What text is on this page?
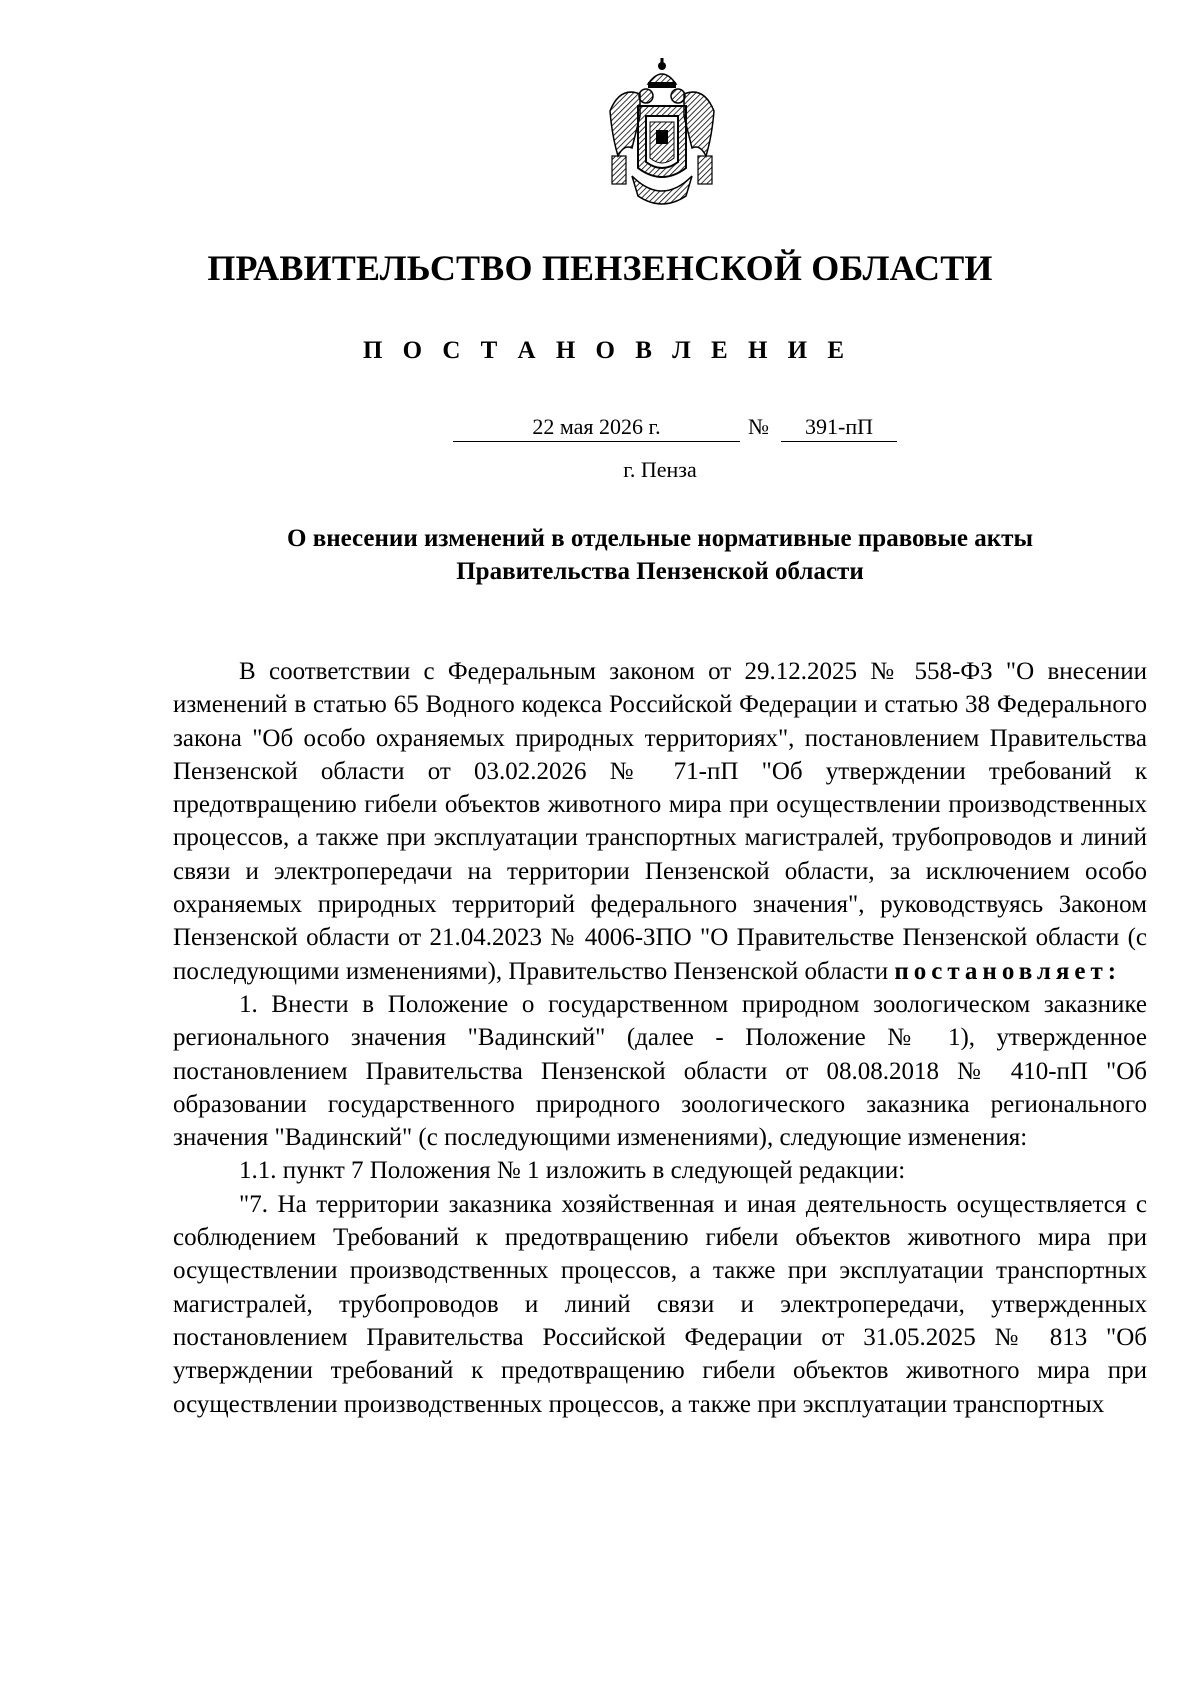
ПРАВИТЕЛЬСТВО ПЕНЗЕНСКОЙ ОБЛАСТИ
П О С Т А Н О В Л Е Н И Е
22 мая 2026 г.	№	391-пП
г. Пенза
О внесении изменений в отдельные нормативные правовые акты
Правительства Пензенской области

В соответствии с Федеральным законом от 29.12.2025 № 558-ФЗ "О внесении изменений в статью 65 Водного кодекса Российской Федерации и статью 38 Федерального закона "Об особо охраняемых природных территориях", постановлением Правительства Пензенской области от 03.02.2026 № 71-пП "Об утверждении требований к предотвращению гибели объектов животного мира при осуществлении производственных процессов, а также при эксплуатации транспортных магистралей, трубопроводов и линий связи и электропередачи на территории Пензенской области, за исключением особо охраняемых природных территорий федерального значения", руководствуясь Законом Пензенской области от 21.04.2023 № 4006-ЗПО "О Правительстве Пензенской области (с последующими изменениями), Правительство Пензенской области постановляет:

1. Внести в Положение о государственном природном зоологическом заказнике регионального значения "Вадинский" (далее - Положение № 1), утвержденное постановлением Правительства Пензенской области от 08.08.2018 № 410-пП "Об образовании государственного природного зоологического заказника регионального значения "Вадинский" (с последующими изменениями), следующие изменения:

1.1. пункт 7 Положения № 1 изложить в следующей редакции:

"7. На территории заказника хозяйственная и иная деятельность осуществляется с соблюдением Требований к предотвращению гибели объектов животного мира при осуществлении производственных процессов, а также при эксплуатации транспортных магистралей, трубопроводов и линий связи и электропередачи, утвержденных постановлением Правительства Российской Федерации от 31.05.2025 № 813 "Об утверждении требований к предотвращению гибели объектов животного мира при осуществлении производственных процессов, а также при эксплуатации транспортных
